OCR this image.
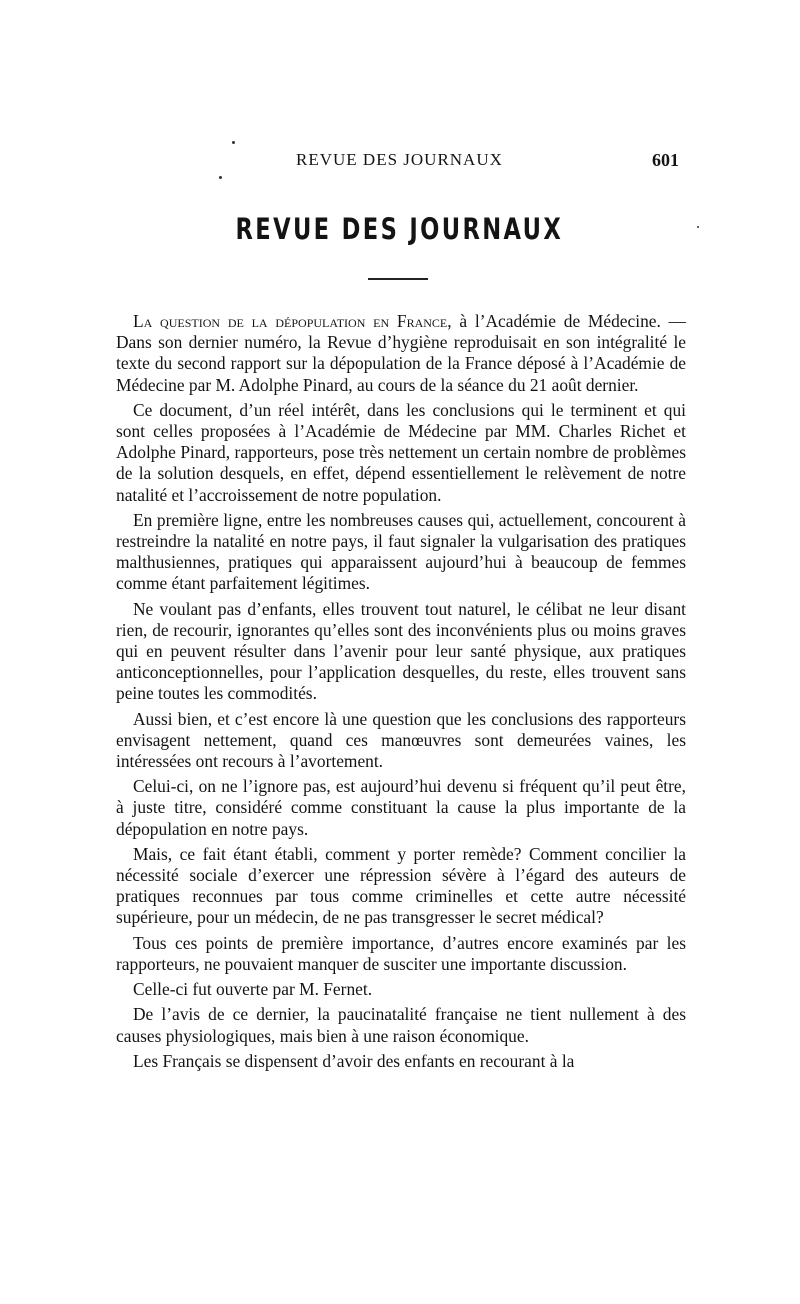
REVUE DES JOURNAUX	601
REVUE DES JOURNAUX

La question de la dépopulation en France, à l’Académie de Médecine. — Dans son dernier numéro, la Revue d’hygiène reproduisait en son intégralité le texte du second rapport sur la dépopulation de la France déposé à l’Académie de Médecine par M. Adolphe Pinard, au cours de la séance du 21 août dernier.

Ce document, d’un réel intérêt, dans les conclusions qui le terminent et qui sont celles proposées à l’Académie de Médecine par MM. Charles Richet et Adolphe Pinard, rapporteurs, pose très nettement un certain nombre de problèmes de la solution desquels, en effet, dépend essentiellement le relèvement de notre natalité et l’accroissement de notre population.

En première ligne, entre les nombreuses causes qui, actuellement, concourent à restreindre la natalité en notre pays, il faut signaler la vulgarisation des pratiques malthusiennes, pratiques qui apparaissent aujourd’hui à beaucoup de femmes comme étant parfaitement légitimes.

Ne voulant pas d’enfants, elles trouvent tout naturel, le célibat ne leur disant rien, de recourir, ignorantes qu’elles sont des inconvénients plus ou moins graves qui en peuvent résulter dans l’avenir pour leur santé physique, aux pratiques anticonceptionnelles, pour l’application desquelles, du reste, elles trouvent sans peine toutes les commodités.

Aussi bien, et c’est encore là une question que les conclusions des rapporteurs envisagent nettement, quand ces manœuvres sont demeurées vaines, les intéressées ont recours à l’avortement.

Celui-ci, on ne l’ignore pas, est aujourd’hui devenu si fréquent qu’il peut être, à juste titre, considéré comme constituant la cause la plus importante de la dépopulation en notre pays.

Mais, ce fait étant établi, comment y porter remède? Comment concilier la nécessité sociale d’exercer une répression sévère à l’égard des auteurs de pratiques reconnues par tous comme criminelles et cette autre nécessité supérieure, pour un médecin, de ne pas transgresser le secret médical?

Tous ces points de première importance, d’autres encore examinés par les rapporteurs, ne pouvaient manquer de susciter une importante discussion.

Celle-ci fut ouverte par M. Fernet.

De l’avis de ce dernier, la paucinatalité française ne tient nullement à des causes physiologiques, mais bien à une raison économique.

Les Français se dispensent d’avoir des enfants en recourant à la
